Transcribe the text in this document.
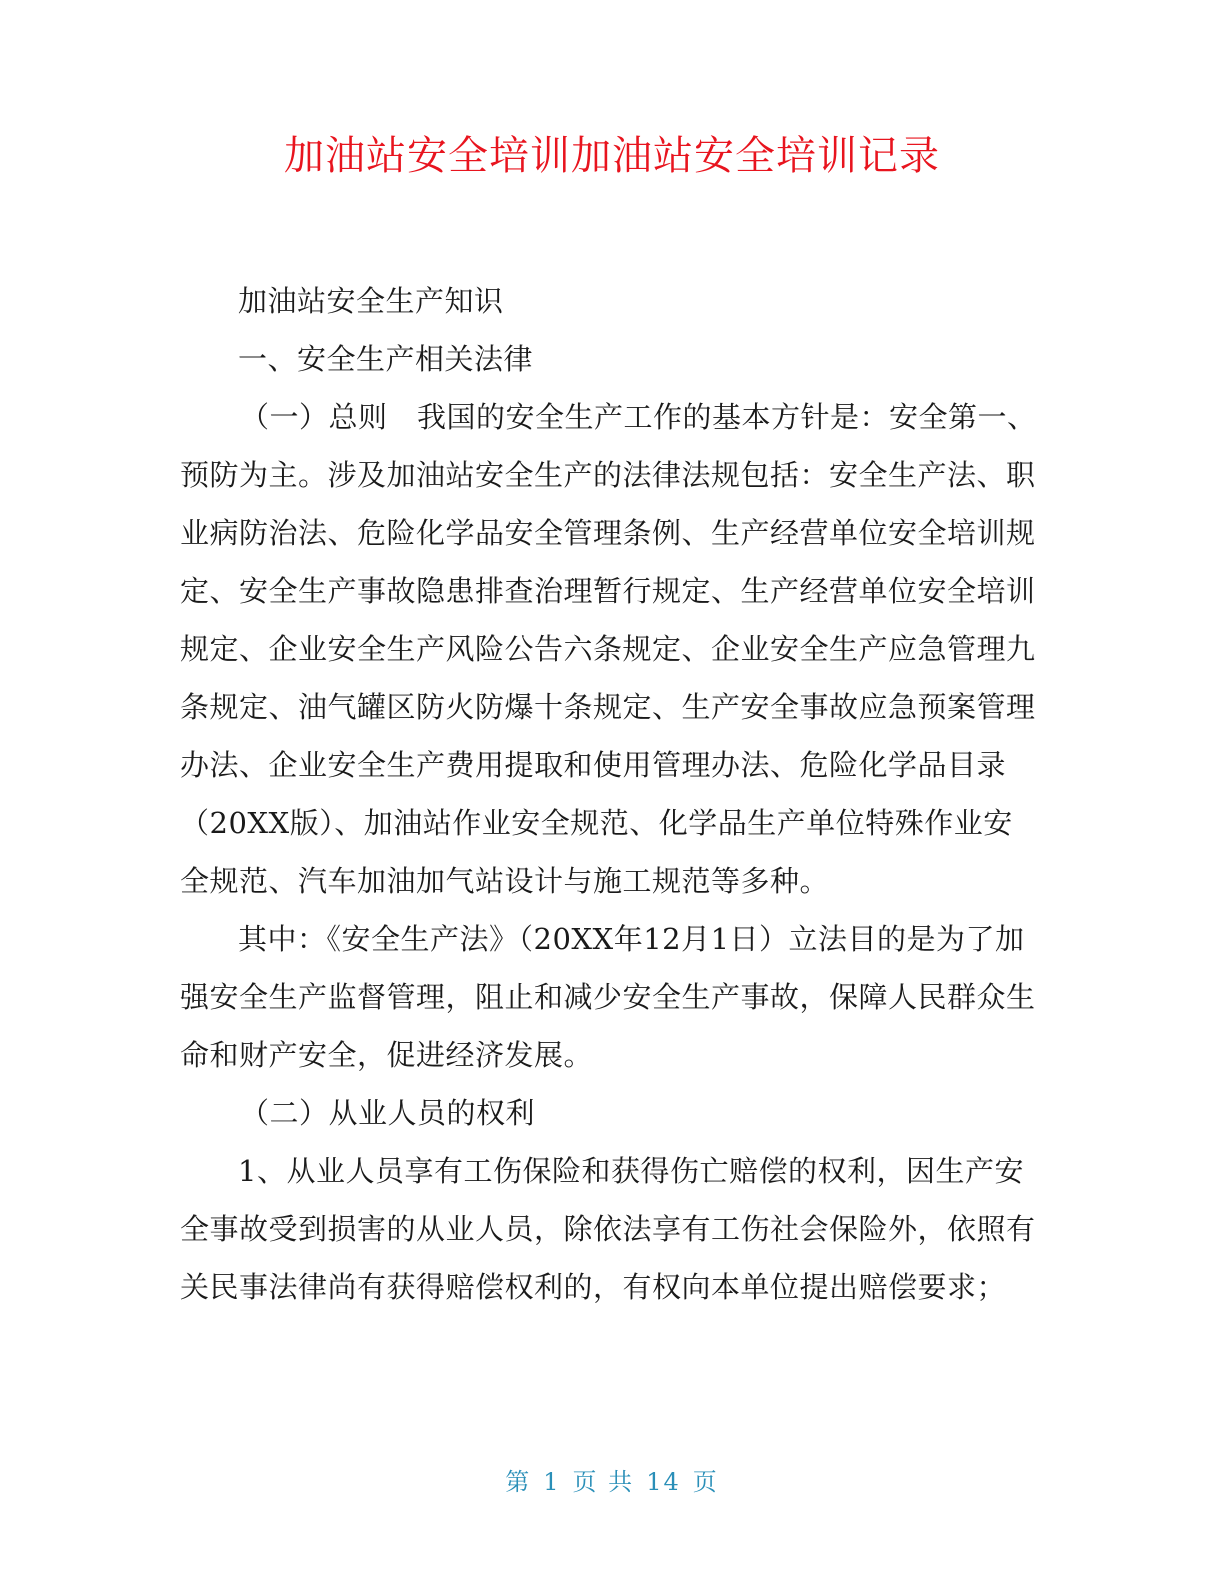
加油站安全培训加油站安全培训记录

加油站安全生产知识

一、安全生产相关法律

（一）总则　我国的安全生产工作的基本方针是：安全第一、预防为主。涉及加油站安全生产的法律法规包括：安全生产法、职业病防治法、危险化学品安全管理条例、生产经营单位安全培训规定、安全生产事故隐患排查治理暂行规定、生产经营单位安全培训规定、企业安全生产风险公告六条规定、企业安全生产应急管理九条规定、油气罐区防火防爆十条规定、生产安全事故应急预案管理办法、企业安全生产费用提取和使用管理办法、危险化学品目录（20XX版）、加油站作业安全规范、化学品生产单位特殊作业安全规范、汽车加油加气站设计与施工规范等多种。

其中：《安全生产法》（20XX年12月1日）立法目的是为了加强安全生产监督管理，阻止和减少安全生产事故，保障人民群众生命和财产安全，促进经济发展。

（二）从业人员的权利

1、从业人员享有工伤保险和获得伤亡赔偿的权利，因生产安全事故受到损害的从业人员，除依法享有工伤社会保险外，依照有关民事法律尚有获得赔偿权利的，有权向本单位提出赔偿要求；

第 1 页 共 14 页
